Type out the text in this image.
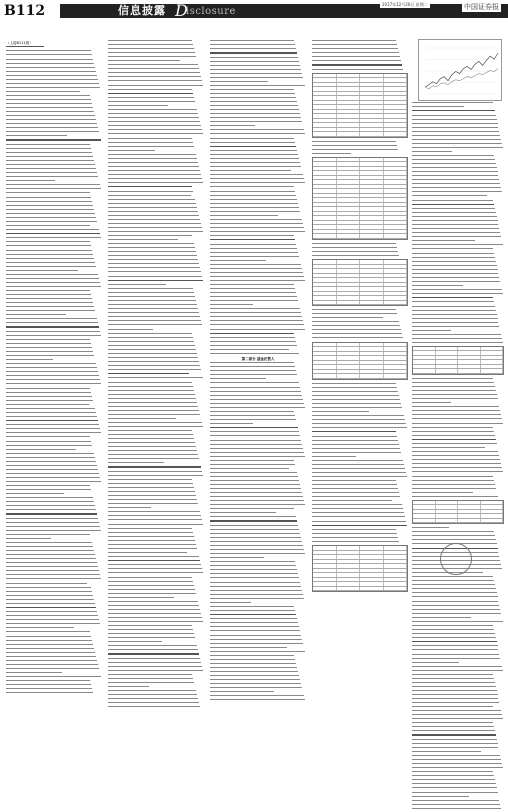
B112	信息披露 D
isclosure
2017年12月26日 星期二	中国证券报
（上接B111版）
第二部分 基金托管人
